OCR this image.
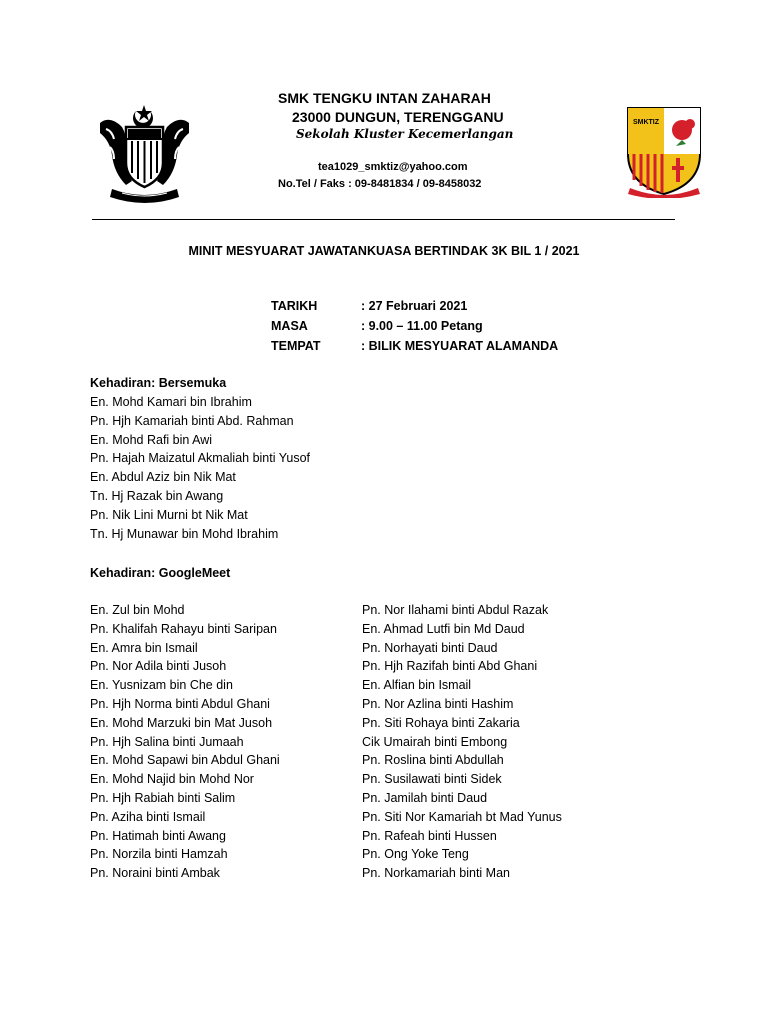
SMK TENGKU INTAN ZAHARAH
23000 DUNGUN, TERENGGANU
Sekolah Kluster Kecemerlangan
tea1029_smktiz@yahoo.com
No.Tel / Faks : 09-8481834 / 09-8458032
SMKTIZ
MINIT MESYUARAT JAWATANKUASA BERTINDAK 3K BIL 1 / 2021
TARIKH	: 27 Februari 2021
MASA	: 9.00 – 11.00 Petang
TEMPAT	: BILIK MESYUARAT ALAMANDA
Kehadiran: Bersemuka
En. Mohd Kamari bin Ibrahim
Pn. Hjh Kamariah binti Abd. Rahman
En. Mohd Rafi bin Awi
Pn. Hajah Maizatul Akmaliah binti Yusof
En. Abdul Aziz bin Nik Mat
Tn. Hj Razak bin Awang
Pn. Nik Lini Murni bt Nik Mat
Tn. Hj Munawar bin Mohd Ibrahim
Kehadiran: GoogleMeet
En. Zul bin Mohd
Pn. Khalifah Rahayu binti Saripan
En. Amra bin Ismail
Pn. Nor Adila binti Jusoh
En. Yusnizam bin Che din
Pn. Hjh Norma binti Abdul Ghani
En. Mohd Marzuki bin Mat Jusoh
Pn. Hjh Salina binti Jumaah
En. Mohd Sapawi bin Abdul Ghani
En. Mohd Najid bin Mohd Nor
Pn. Hjh Rabiah binti Salim
Pn. Aziha binti Ismail
Pn. Hatimah binti Awang
Pn. Norzila binti Hamzah
Pn. Noraini binti Ambak
Pn. Nor Ilahami binti Abdul Razak
En. Ahmad Lutfi bin Md Daud
Pn. Norhayati binti Daud
Pn. Hjh Razifah binti Abd Ghani
En. Alfian bin Ismail
Pn. Nor Azlina binti Hashim
Pn. Siti Rohaya binti Zakaria
Cik Umairah binti Embong
Pn. Roslina binti Abdullah
Pn. Susilawati binti Sidek
Pn. Jamilah binti Daud
Pn. Siti Nor Kamariah bt Mad Yunus
Pn. Rafeah binti Hussen
Pn. Ong Yoke Teng
Pn. Norkamariah binti Man
